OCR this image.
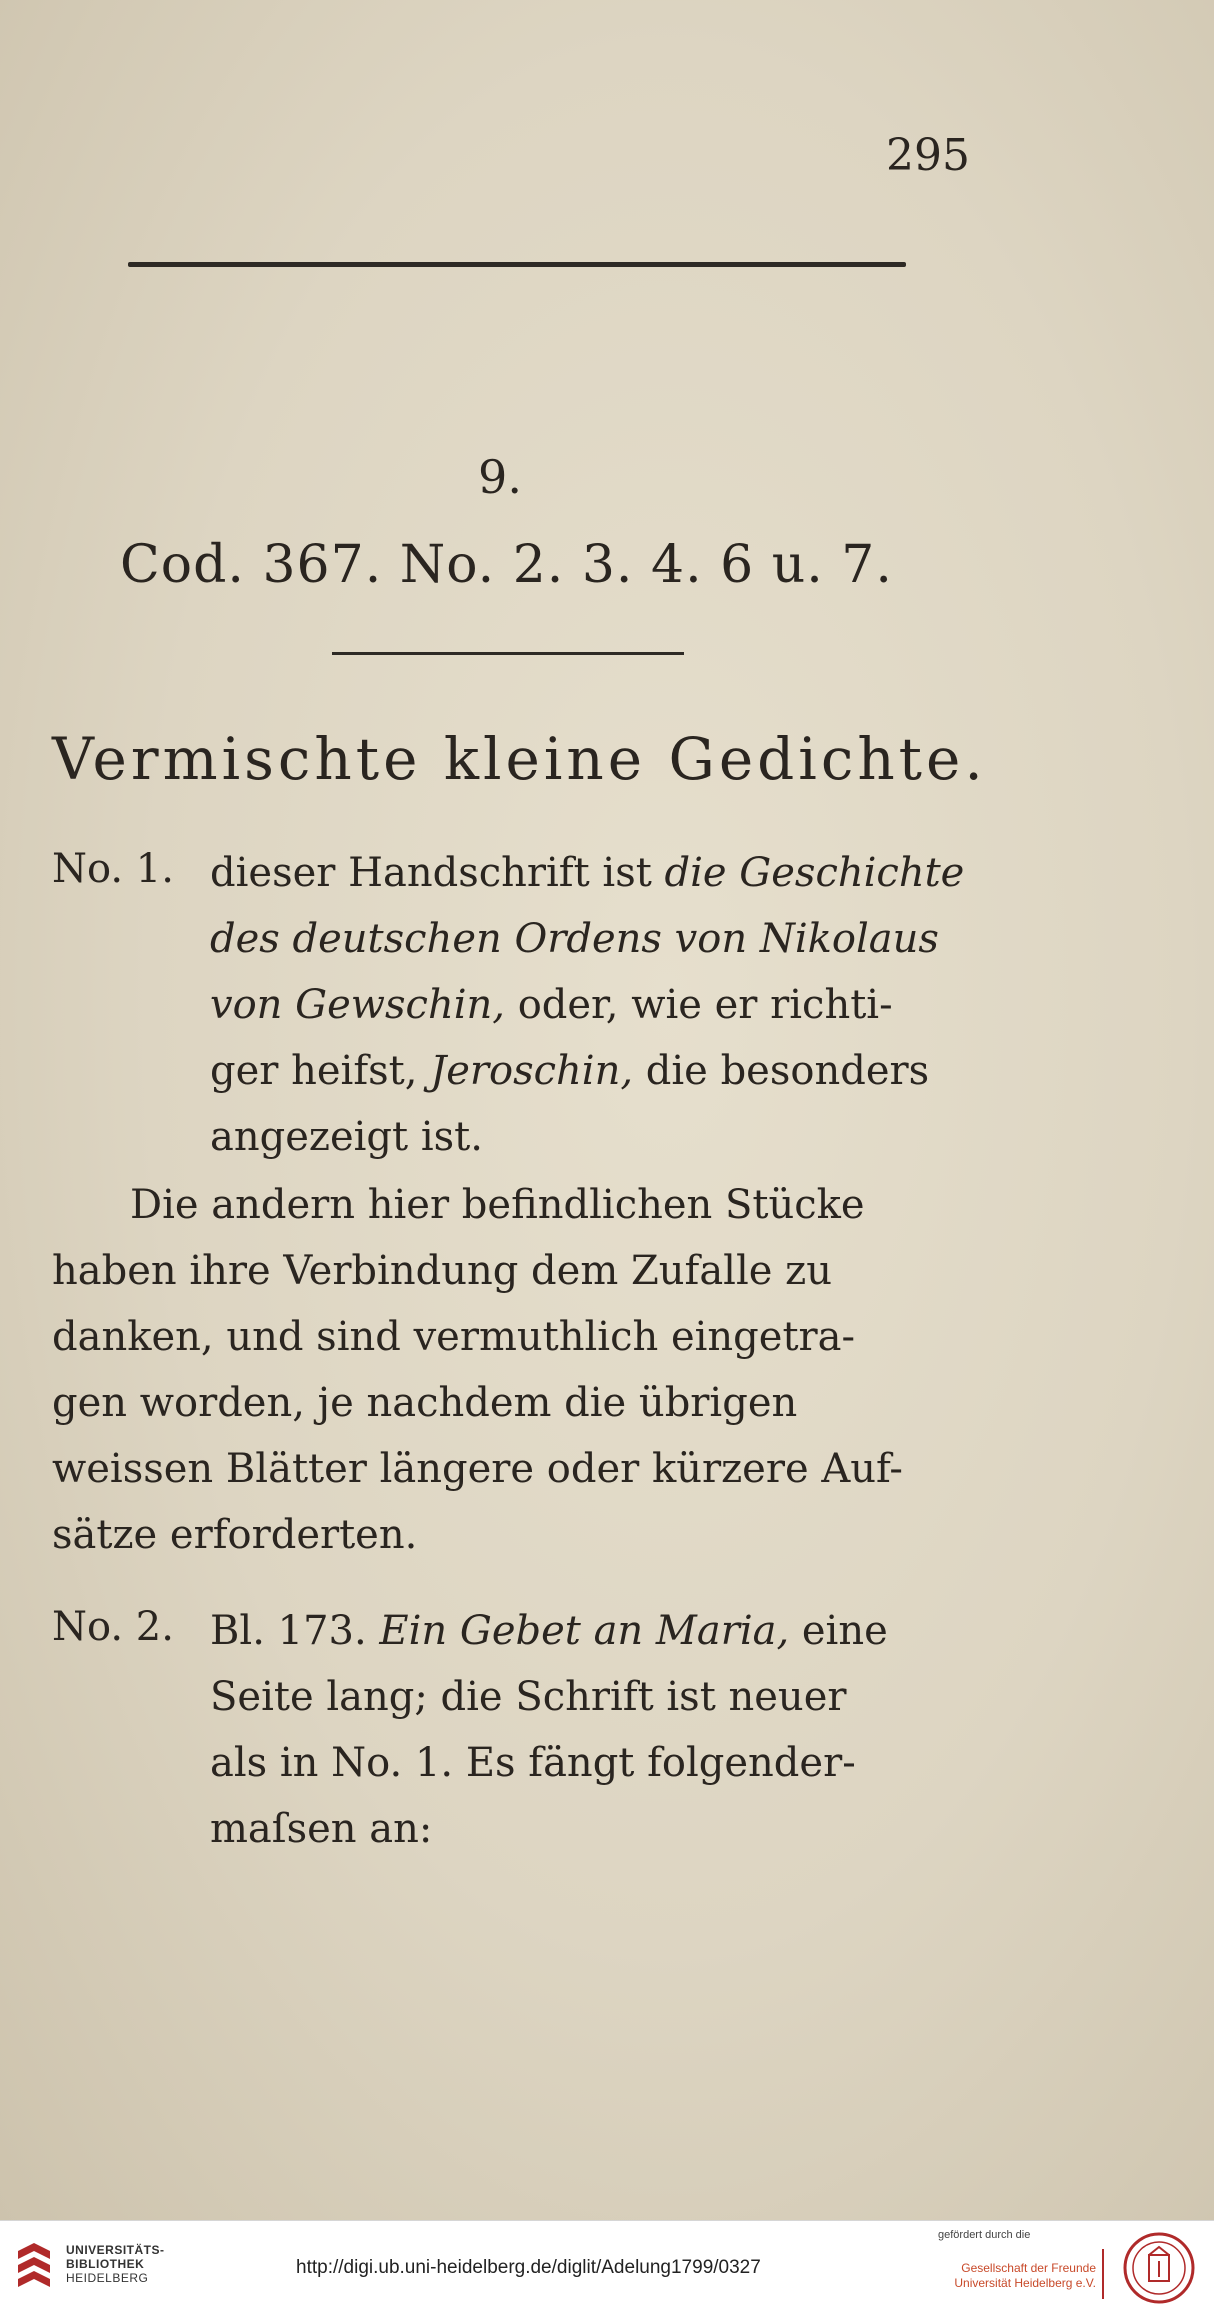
295
9.
Cod. 367. No. 2. 3. 4. 6 u. 7.
Vermischte kleine Gedichte.
No. 1. dieser Handschrift ist die Geschichte
des deutschen Ordens von Nikolaus
von Gewschin, oder, wie er richti-
ger heifst, Jeroschin, die besonders
angezeigt ist.
Die andern hier befindlichen Stücke
haben ihre Verbindung dem Zufalle zu
danken, und sind vermuthlich eingetra-
gen worden, je nachdem die übrigen
weissen Blätter längere oder kürzere Auf-
sätze erforderten.
No. 2. Bl. 173. Ein Gebet an Maria, eine
Seite lang; die Schrift ist neuer
als in No. 1. Es fängt folgender-
maſsen an:
UNIVERSITÄTS-
BIBLIOTHEK
HEIDELBERG	http://digi.ub.uni-heidelberg.de/diglit/Adelung1799/0327
gefördert durch die
Gesellschaft der Freunde
Universität Heidelberg e.V.
